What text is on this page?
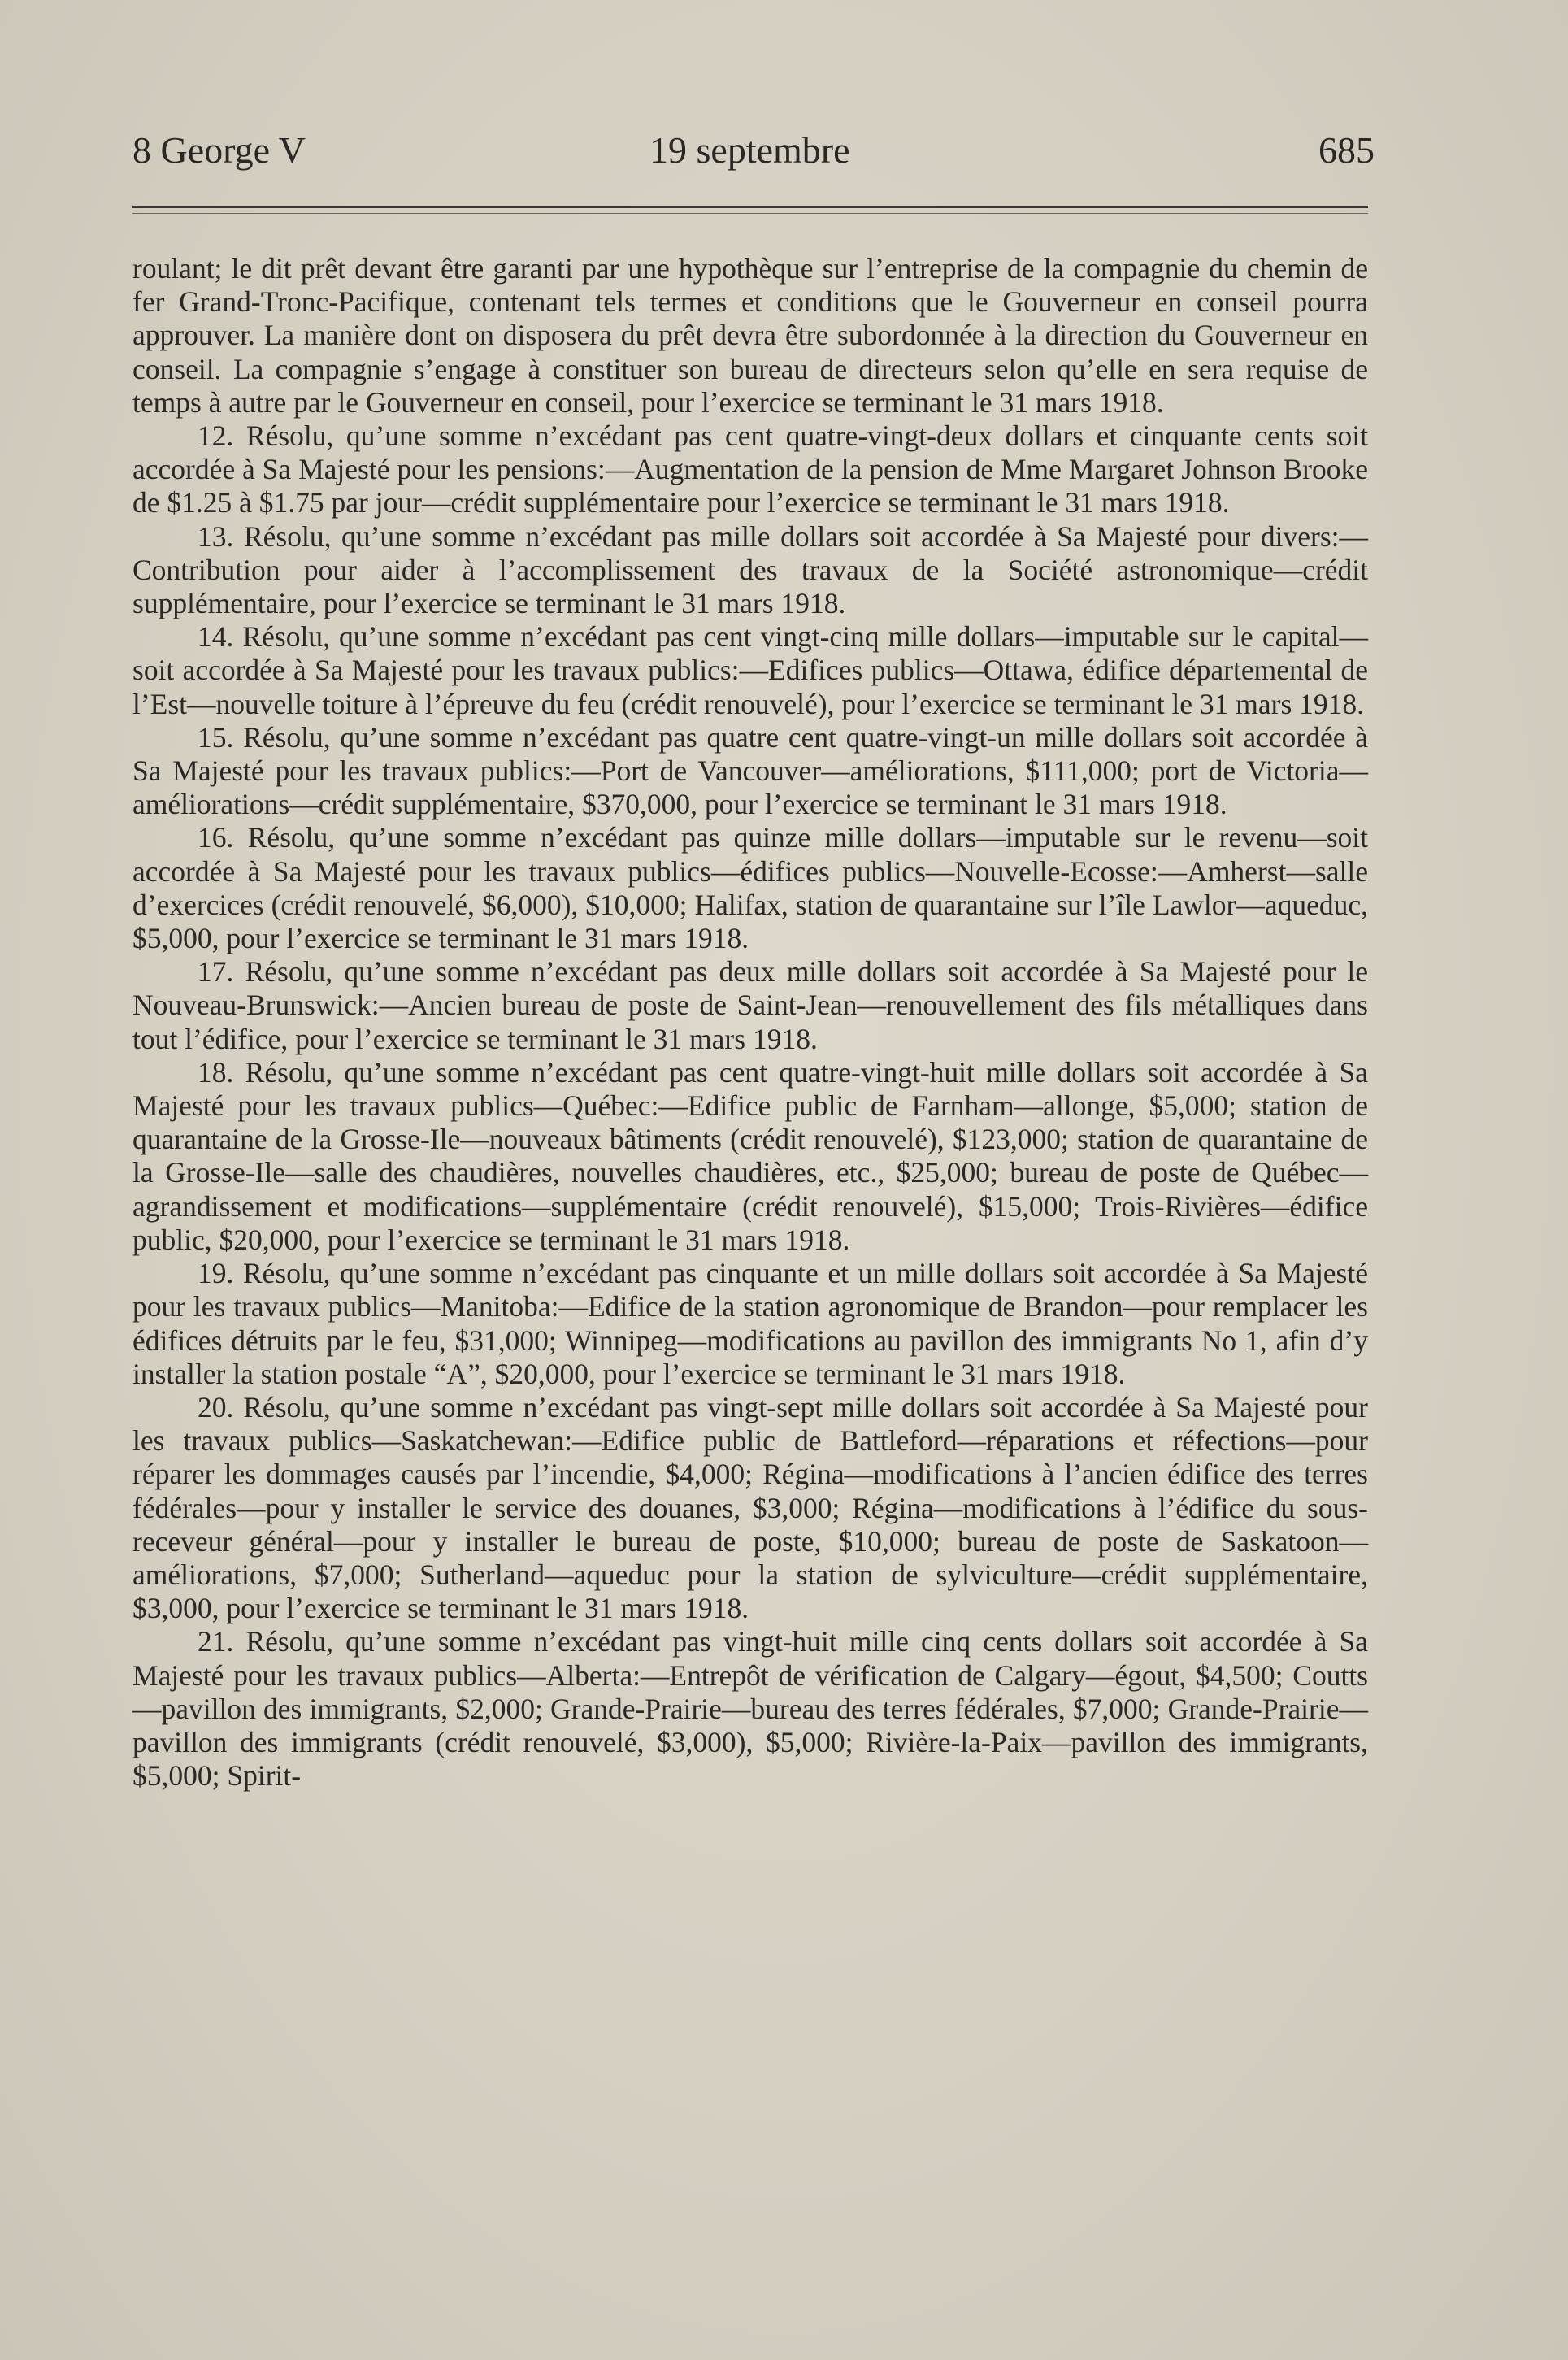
8 George V	19 septembre	685

roulant; le dit prêt devant être garanti par une hypothèque sur l’entreprise de la compagnie du chemin de fer Grand-Tronc-Pacifique, contenant tels termes et conditions que le Gouverneur en conseil pourra approuver. La manière dont on disposera du prêt devra être subordonnée à la direction du Gouverneur en conseil. La compagnie s’engage à constituer son bureau de directeurs selon qu’elle en sera requise de temps à autre par le Gouverneur en conseil, pour l’exercice se terminant le 31 mars 1918.

12. Résolu, qu’une somme n’excédant pas cent quatre-vingt-deux dollars et cinquante cents soit accordée à Sa Majesté pour les pensions:—Augmentation de la pension de Mme Margaret Johnson Brooke de $1.25 à $1.75 par jour—crédit supplémentaire pour l’exercice se terminant le 31 mars 1918.

13. Résolu, qu’une somme n’excédant pas mille dollars soit accordée à Sa Majesté pour divers:—Contribution pour aider à l’accomplissement des travaux de la Société astronomique—crédit supplémentaire, pour l’exercice se terminant le 31 mars 1918.

14. Résolu, qu’une somme n’excédant pas cent vingt-cinq mille dollars—imputable sur le capital—soit accordée à Sa Majesté pour les travaux publics:—Edifices publics—Ottawa, édifice départemental de l’Est—nouvelle toiture à l’épreuve du feu (crédit renouvelé), pour l’exercice se terminant le 31 mars 1918.

15. Résolu, qu’une somme n’excédant pas quatre cent quatre-vingt-un mille dollars soit accordée à Sa Majesté pour les travaux publics:—Port de Vancouver—améliorations, $111,000; port de Victoria—améliorations—crédit supplémentaire, $370,000, pour l’exercice se terminant le 31 mars 1918.

16. Résolu, qu’une somme n’excédant pas quinze mille dollars—imputable sur le revenu—soit accordée à Sa Majesté pour les travaux publics—édifices publics—Nouvelle-Ecosse:—Amherst—salle d’exercices (crédit renouvelé, $6,000), $10,000; Halifax, station de quarantaine sur l’île Lawlor—aqueduc, $5,000, pour l’exercice se terminant le 31 mars 1918.

17. Résolu, qu’une somme n’excédant pas deux mille dollars soit accordée à Sa Majesté pour le Nouveau-Brunswick:—Ancien bureau de poste de Saint-Jean—renouvellement des fils métalliques dans tout l’édifice, pour l’exercice se terminant le 31 mars 1918.

18. Résolu, qu’une somme n’excédant pas cent quatre-vingt-huit mille dollars soit accordée à Sa Majesté pour les travaux publics—Québec:—Edifice public de Farnham—allonge, $5,000; station de quarantaine de la Grosse-Ile—nouveaux bâtiments (crédit renouvelé), $123,000; station de quarantaine de la Grosse-Ile—salle des chaudières, nouvelles chaudières, etc., $25,000; bureau de poste de Québec—agrandissement et modifications—supplémentaire (crédit renouvelé), $15,000; Trois-Rivières—édifice public, $20,000, pour l’exercice se terminant le 31 mars 1918.

19. Résolu, qu’une somme n’excédant pas cinquante et un mille dollars soit accordée à Sa Majesté pour les travaux publics—Manitoba:—Edifice de la station agronomique de Brandon—pour remplacer les édifices détruits par le feu, $31,000; Winnipeg—modifications au pavillon des immigrants No 1, afin d’y installer la station postale “A”, $20,000, pour l’exercice se terminant le 31 mars 1918.

20. Résolu, qu’une somme n’excédant pas vingt-sept mille dollars soit accordée à Sa Majesté pour les travaux publics—Saskatchewan:—Edifice public de Battleford—réparations et réfections—pour réparer les dommages causés par l’incendie, $4,000; Régina—modifications à l’ancien édifice des terres fédérales—pour y installer le service des douanes, $3,000; Régina—modifications à l’édifice du sous-receveur général—pour y installer le bureau de poste, $10,000; bureau de poste de Saskatoon—améliorations, $7,000; Sutherland—aqueduc pour la station de sylviculture—crédit supplémentaire, $3,000, pour l’exercice se terminant le 31 mars 1918.

21. Résolu, qu’une somme n’excédant pas vingt-huit mille cinq cents dollars soit accordée à Sa Majesté pour les travaux publics—Alberta:—Entrepôt de vérification de Calgary—égout, $4,500; Coutts—pavillon des immigrants, $2,000; Grande-Prairie—bureau des terres fédérales, $7,000; Grande-Prairie—pavillon des immigrants (crédit renouvelé, $3,000), $5,000; Rivière-la-Paix—pavillon des immigrants, $5,000; Spirit-
